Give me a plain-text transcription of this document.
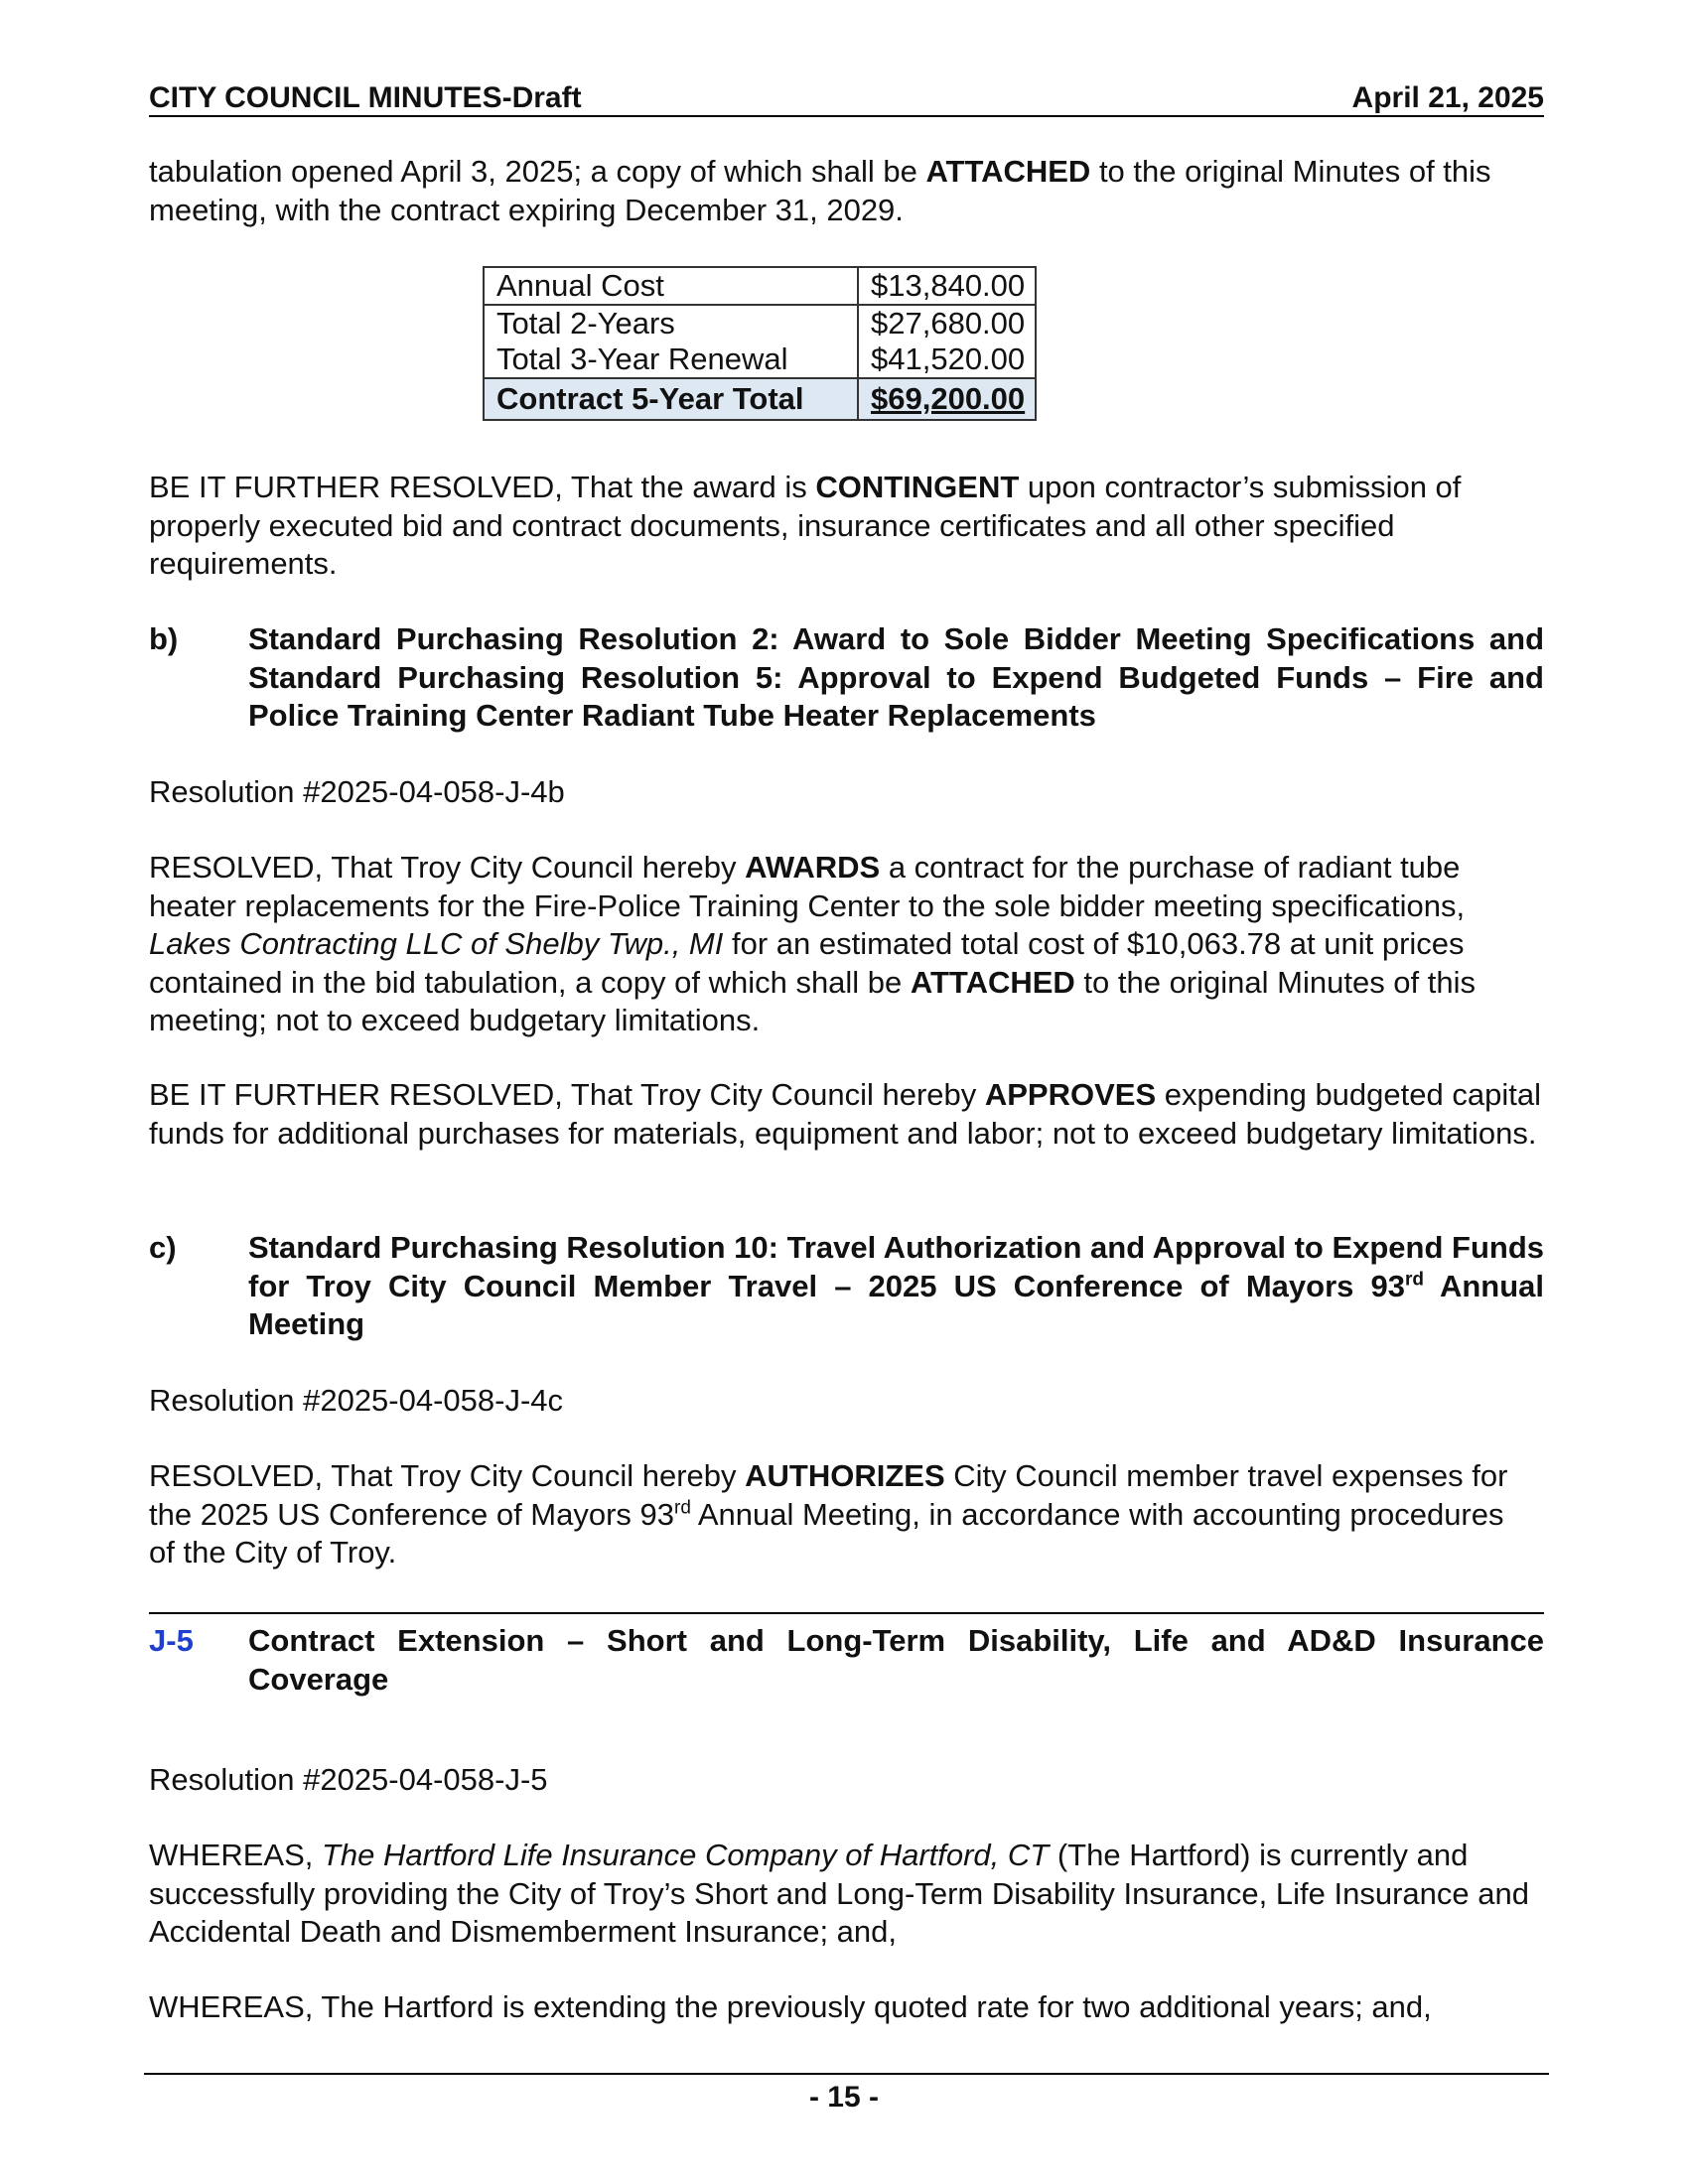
CITY COUNCIL MINUTES-Draft	April 21, 2025

tabulation opened April 3, 2025; a copy of which shall be ATTACHED to the original Minutes of this meeting, with the contract expiring December 31, 2029.

Annual Cost	$13,840.00
Total 2-Years	$27,680.00
Total 3-Year Renewal	$41,520.00
Contract 5-Year Total	$69,200.00

BE IT FURTHER RESOLVED, That the award is CONTINGENT upon contractor’s submission of properly executed bid and contract documents, insurance certificates and all other specified requirements.

b)	Standard Purchasing Resolution 2: Award to Sole Bidder Meeting Specifications and Standard Purchasing Resolution 5: Approval to Expend Budgeted Funds – Fire and Police Training Center Radiant Tube Heater Replacements

Resolution #2025-04-058-J-4b

RESOLVED, That Troy City Council hereby AWARDS a contract for the purchase of radiant tube heater replacements for the Fire-Police Training Center to the sole bidder meeting specifications, Lakes Contracting LLC of Shelby Twp., MI for an estimated total cost of $10,063.78 at unit prices contained in the bid tabulation, a copy of which shall be ATTACHED to the original Minutes of this meeting; not to exceed budgetary limitations.

BE IT FURTHER RESOLVED, That Troy City Council hereby APPROVES expending budgeted capital funds for additional purchases for materials, equipment and labor; not to exceed budgetary limitations.

c)	Standard Purchasing Resolution 10: Travel Authorization and Approval to Expend Funds for Troy City Council Member Travel – 2025 US Conference of Mayors 93rd Annual Meeting

Resolution #2025-04-058-J-4c

RESOLVED, That Troy City Council hereby AUTHORIZES City Council member travel expenses for the 2025 US Conference of Mayors 93rd Annual Meeting, in accordance with accounting procedures of the City of Troy.

J-5	Contract Extension – Short and Long-Term Disability, Life and AD&D Insurance Coverage

Resolution #2025-04-058-J-5

WHEREAS, The Hartford Life Insurance Company of Hartford, CT (The Hartford) is currently and successfully providing the City of Troy’s Short and Long-Term Disability Insurance, Life Insurance and Accidental Death and Dismemberment Insurance; and,

WHEREAS, The Hartford is extending the previously quoted rate for two additional years; and,

- 15 -
